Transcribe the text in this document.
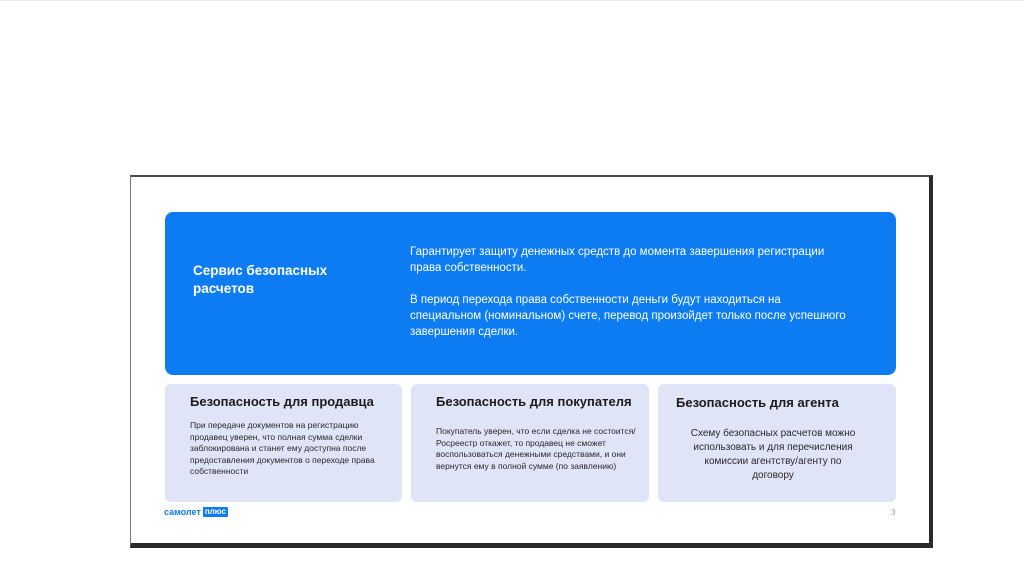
Сервис безопасных расчетов

Гарантирует защиту денежных средств до момента завершения регистрации права собственности.

В период перехода права собственности деньги будут находиться на специальном (номинальном) счете, перевод произойдет только после успешного завершения сделки.

Безопасность для продавца
При передаче документов на регистрацию продавец уверен, что полная сумма сделки заблокирована и станет ему доступна после предоставления документов о переходе права собственности
Безопасность для покупателя
Покупатель уверен, что если сделка не состоится/Росреестр откажет, то продавец не сможет воспользоваться денежными средствами, и они вернутся ему в полной сумме (по заявлению)
Безопасность для агента
Схему безопасных расчетов можно использовать и для перечисления комиссии агентству/агенту по договору
самолет плюс	3
